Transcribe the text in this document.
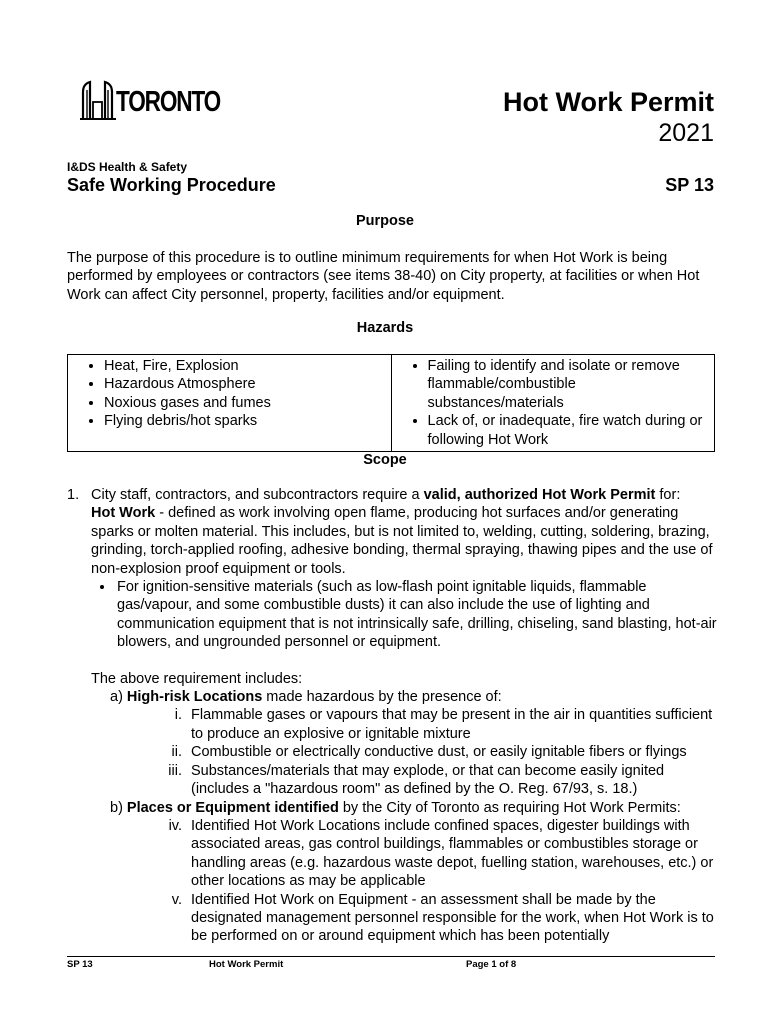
TORONTO	Hot Work Permit
2021
I&DS Health & Safety
Safe Working Procedure	SP 13
Purpose
The purpose of this procedure is to outline minimum requirements for when Hot Work is being performed by employees or contractors (see items 38-40) on City property, at facilities or when Hot Work can affect City personnel, property, facilities and/or equipment.
Hazards
• Heat, Fire, Explosion
• Hazardous Atmosphere
• Noxious gases and fumes
• Flying debris/hot sparks

• Failing to identify and isolate or remove flammable/combustible substances/materials
• Lack of, or inadequate, fire watch during or following Hot Work
Scope
1. City staff, contractors, and subcontractors require a valid, authorized Hot Work Permit for:
Hot Work - defined as work involving open flame, producing hot surfaces and/or generating sparks or molten material. This includes, but is not limited to, welding, cutting, soldering, brazing, grinding, torch-applied roofing, adhesive bonding, thermal spraying, thawing pipes and the use of non-explosion proof equipment or tools.
• For ignition-sensitive materials (such as low-flash point ignitable liquids, flammable gas/vapour, and some combustible dusts) it can also include the use of lighting and communication equipment that is not intrinsically safe, drilling, chiseling, sand blasting, hot-air blowers, and ungrounded personnel or equipment.
The above requirement includes:
a) High-risk Locations made hazardous by the presence of:
i. Flammable gases or vapours that may be present in the air in quantities sufficient to produce an explosive or ignitable mixture
ii. Combustible or electrically conductive dust, or easily ignitable fibers or flyings
iii. Substances/materials that may explode, or that can become easily ignited (includes a "hazardous room" as defined by the O. Reg. 67/93, s. 18.)
b) Places or Equipment identified by the City of Toronto as requiring Hot Work Permits:
iv. Identified Hot Work Locations include confined spaces, digester buildings with associated areas, gas control buildings, flammables or combustibles storage or handling areas (e.g. hazardous waste depot, fuelling station, warehouses, etc.) or other locations as may be applicable
v. Identified Hot Work on Equipment - an assessment shall be made by the designated management personnel responsible for the work, when Hot Work is to be performed on or around equipment which has been potentially
SP 13	Hot Work Permit	Page 1 of 8
